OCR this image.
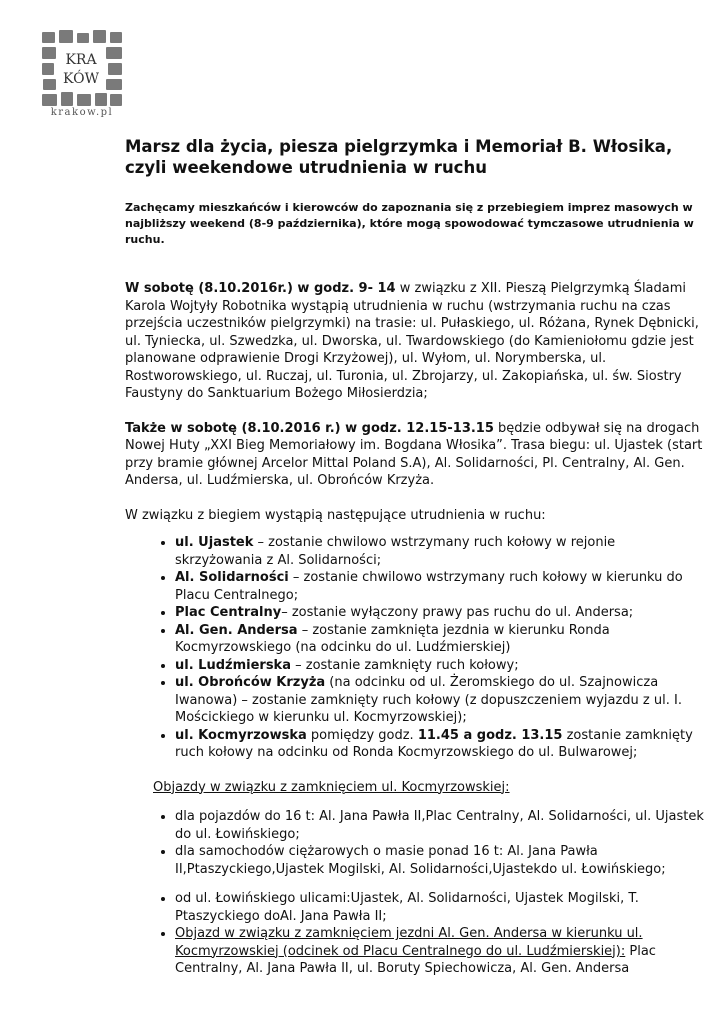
KRA
KÓW
krakow.pl
Marsz dla życia, piesza pielgrzymka i Memoriał B. Włosika, czyli weekendowe utrudnienia w ruchu
Zachęcamy mieszkańców i kierowców do zapoznania się z przebiegiem imprez masowych w najbliższy weekend (8-9 października), które mogą spowodować tymczasowe utrudnienia w ruchu.

W sobotę (8.10.2016r.) w godz. 9- 14 w związku z XII. Pieszą Pielgrzymką Śladami Karola Wojtyły Robotnika wystąpią utrudnienia w ruchu (wstrzymania ruchu na czas przejścia uczestników pielgrzymki) na trasie: ul. Pułaskiego, ul. Różana, Rynek Dębnicki, ul. Tyniecka, ul. Szwedzka, ul. Dworska, ul. Twardowskiego (do Kamieniołomu gdzie jest planowane odprawienie Drogi Krzyżowej), ul. Wyłom, ul. Norymberska, ul. Rostworowskiego, ul. Ruczaj, ul. Turonia, ul. Zbrojarzy, ul. Zakopiańska, ul. św. Siostry Faustyny do Sanktuarium Bożego Miłosierdzia;

Także w sobotę (8.10.2016 r.) w godz. 12.15-13.15 będzie odbywał się na drogach Nowej Huty „XXI Bieg Memoriałowy im. Bogdana Włosika”. Trasa biegu: ul. Ujastek (start przy bramie głównej Arcelor Mittal Poland S.A), Al. Solidarności, Pl. Centralny, Al. Gen. Andersa, ul. Ludźmierska, ul. Obrońców Krzyża.

W związku z biegiem wystąpią następujące utrudnienia w ruchu:

• ul. Ujastek – zostanie chwilowo wstrzymany ruch kołowy w rejonie skrzyżowania z Al. Solidarności;
• Al. Solidarności – zostanie chwilowo wstrzymany ruch kołowy w kierunku do Placu Centralnego;
• Plac Centralny– zostanie wyłączony prawy pas ruchu do ul. Andersa;
• Al. Gen. Andersa – zostanie zamknięta jezdnia w kierunku Ronda Kocmyrzowskiego (na odcinku do ul. Ludźmierskiej)
• ul. Ludźmierska – zostanie zamknięty ruch kołowy;
• ul. Obrońców Krzyża (na odcinku od ul. Żeromskiego do ul. Szajnowicza Iwanowa) – zostanie zamknięty ruch kołowy (z dopuszczeniem wyjazdu z ul. I. Mościckiego w kierunku ul. Kocmyrzowskiej);
• ul. Kocmyrzowska pomiędzy godz. 11.45 a godz. 13.15 zostanie zamknięty ruch kołowy na odcinku od Ronda Kocmyrzowskiego do ul. Bulwarowej;

Objazdy w związku z zamknięciem ul. Kocmyrzowskiej:

• dla pojazdów do 16 t: Al. Jana Pawła II,Plac Centralny, Al. Solidarności, ul. Ujastek do ul. Łowińskiego;
• dla samochodów ciężarowych o masie ponad 16 t: Al. Jana Pawła II,Ptaszyckiego,Ujastek Mogilski, Al. Solidarności,Ujastekdo ul. Łowińskiego;
• od ul. Łowińskiego ulicami:Ujastek, Al. Solidarności, Ujastek Mogilski, T. Ptaszyckiego doAl. Jana Pawła II;
• Objazd w związku z zamknięciem jezdni Al. Gen. Andersa w kierunku ul. Kocmyrzowskiej (odcinek od Placu Centralnego do ul. Ludźmierskiej): Plac Centralny, Al. Jana Pawła II, ul. Boruty Spiechowicza, Al. Gen. Andersa
